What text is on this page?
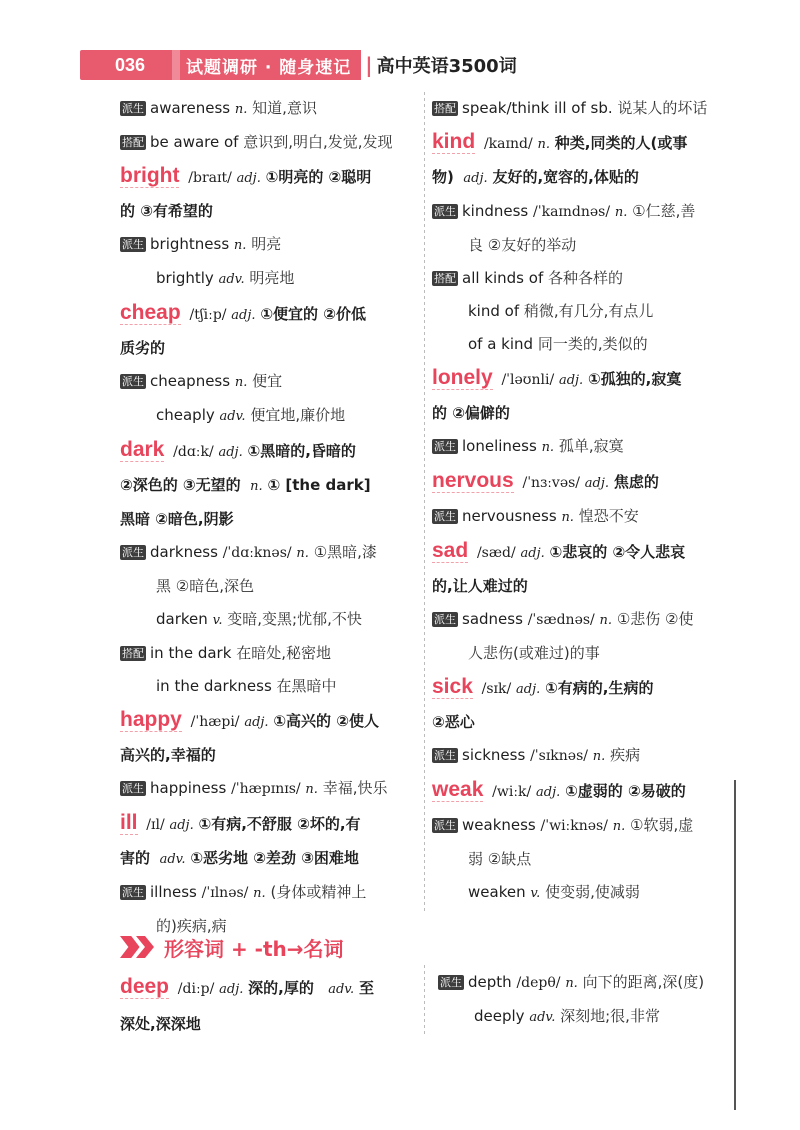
036	试题调研 · 随身速记 | 高中英语3500词
派生 awareness n. 知道,意识
搭配 be aware of 意识到,明白,发觉,发现
bright /braɪt/ adj. ①明亮的 ②聪明
的 ③有希望的
派生 brightness n. 明亮
brightly adv. 明亮地
cheap /tʃiːp/ adj. ①便宜的 ②价低
质劣的
派生 cheapness n. 便宜
cheaply adv. 便宜地,廉价地
dark /dɑːk/ adj. ①黑暗的,昏暗的
②深色的 ③无望的 n. ① [the dark]
黑暗 ②暗色,阴影
派生 darkness /ˈdɑːknəs/ n. ①黑暗,漆
黑 ②暗色,深色
darken v. 变暗,变黑;忧郁,不快
搭配 in the dark 在暗处,秘密地
in the darkness 在黑暗中
happy /ˈhæpi/ adj. ①高兴的 ②使人
高兴的,幸福的
派生 happiness /ˈhæpɪnɪs/ n. 幸福,快乐
ill /ɪl/ adj. ①有病,不舒服 ②坏的,有
害的 adv. ①恶劣地 ②差劲 ③困难地
派生 illness /ˈɪlnəs/ n. (身体或精神上
的)疾病,病
搭配 speak/think ill of sb. 说某人的坏话
kind /kaɪnd/ n. 种类,同类的人(或事
物) adj. 友好的,宽容的,体贴的
派生 kindness /ˈkaɪndnəs/ n. ①仁慈,善
良 ②友好的举动
搭配 all kinds of 各种各样的
kind of 稍微,有几分,有点儿
of a kind 同一类的,类似的
lonely /ˈləʊnli/ adj. ①孤独的,寂寞
的 ②偏僻的
派生 loneliness n. 孤单,寂寞
nervous /ˈnɜːvəs/ adj. 焦虑的
派生 nervousness n. 惶恐不安
sad /sæd/ adj. ①悲哀的 ②令人悲哀
的,让人难过的
派生 sadness /ˈsædnəs/ n. ①悲伤 ②使
人悲伤(或难过)的事
sick /sɪk/ adj. ①有病的,生病的
②恶心
派生 sickness /ˈsɪknəs/ n. 疾病
weak /wiːk/ adj. ①虚弱的 ②易破的
派生 weakness /ˈwiːknəs/ n. ①软弱,虚
弱 ②缺点
weaken v. 使变弱,使减弱
形容词 + -th→名词
deep /diːp/ adj. 深的,厚的 adv. 至
深处,深深地
派生 depth /depθ/ n. 向下的距离,深(度)
deeply adv. 深刻地;很,非常
